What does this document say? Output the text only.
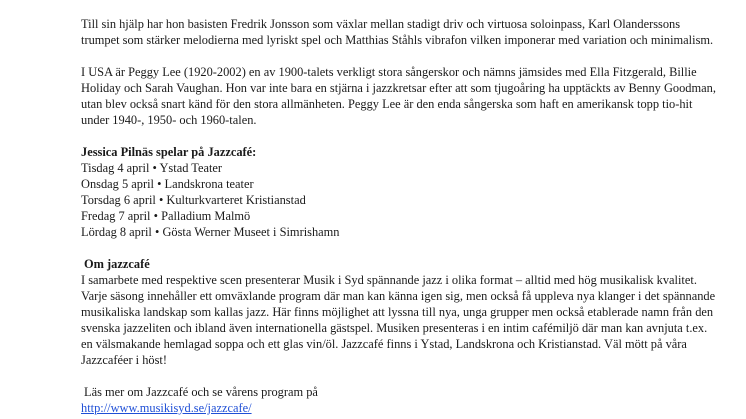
Till sin hjälp har hon basisten Fredrik Jonsson som växlar mellan stadigt driv och virtuosa soloinpass, Karl Olanderssons trumpet som stärker melodierna med lyriskt spel och Matthias Ståhls vibrafon vilken imponerar med variation och minimalism.

I USA är Peggy Lee (1920-2002) en av 1900-talets verkligt stora sångerskor och nämns jämsides med Ella Fitzgerald, Billie Holiday och Sarah Vaughan. Hon var inte bara en stjärna i jazzkretsar efter att som tjugoåring ha upptäckts av Benny Goodman, utan blev också snart känd för den stora allmänheten. Peggy Lee är den enda sångerska som haft en amerikansk topp tio-hit under 1940-, 1950- och 1960-talen.

Jessica Pilnäs spelar på Jazzcafé:
Tisdag 4 april • Ystad Teater
Onsdag 5 april • Landskrona teater
Torsdag 6 april • Kulturkvarteret Kristianstad
Fredag 7 april • Palladium Malmö
Lördag 8 april • Gösta Werner Museet i Simrishamn
Om jazzcafé
I samarbete med respektive scen presenterar Musik i Syd spännande jazz i olika format – alltid med hög musikalisk kvalitet. Varje säsong innehåller ett omväxlande program där man kan känna igen sig, men också få uppleva nya klanger i det spännande musikaliska landskap som kallas jazz. Här finns möjlighet att lyssna till nya, unga grupper men också etablerade namn från den svenska jazzeliten och ibland även internationella gästspel. Musiken presenteras i en intim cafémiljö där man kan avnjuta t.ex. en välsmakande hemlagad soppa och ett glas vin/öl. Jazzcafé finns i Ystad, Landskrona och Kristianstad. Väl mött på våra Jazzcaféer i höst!
Läs mer om Jazzcafé och se vårens program på
http://www.musikisyd.se/jazzcafe/
